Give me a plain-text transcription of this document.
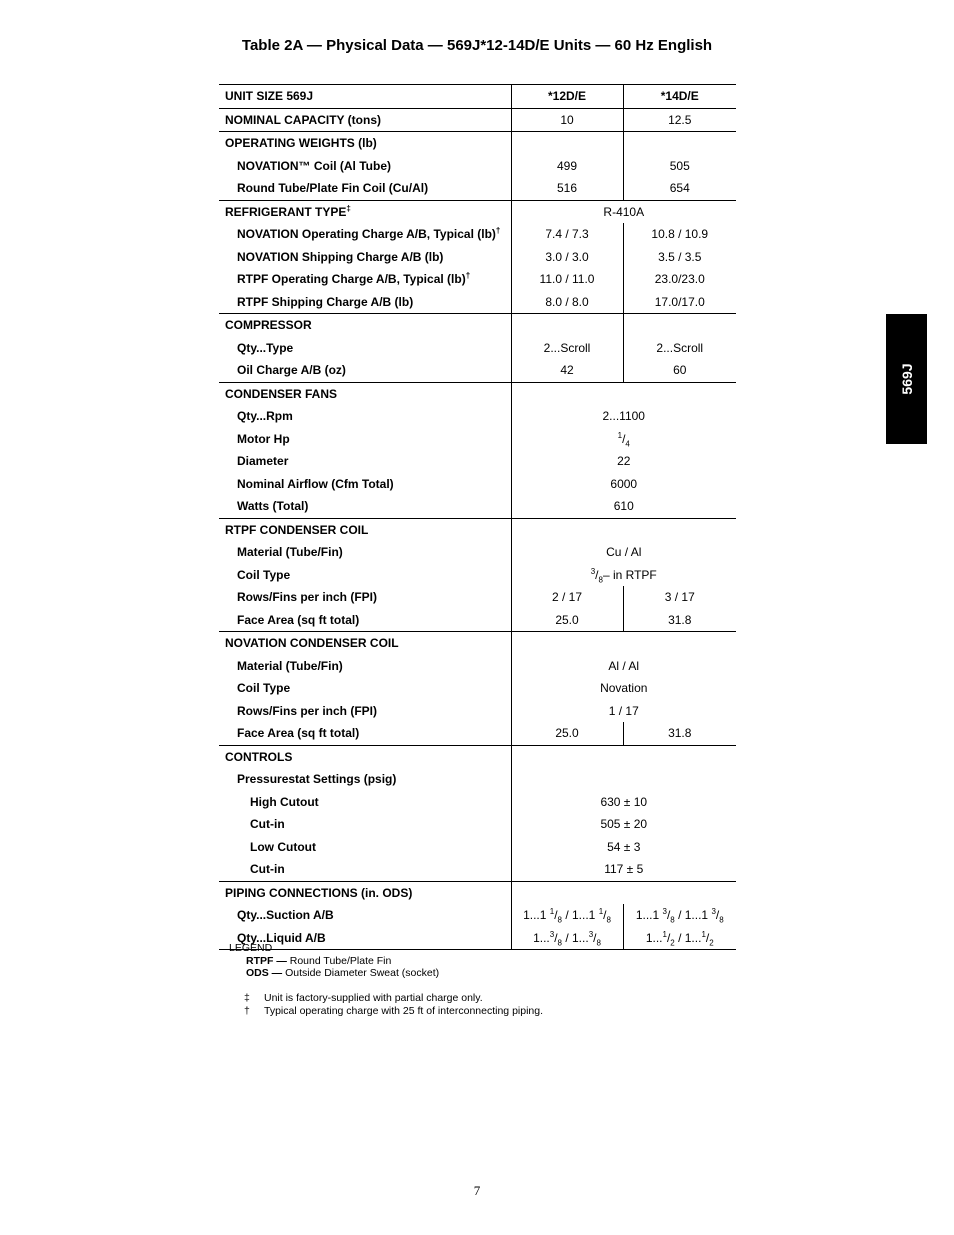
Table 2A — Physical Data — 569J*12-14D/E Units — 60 Hz English
569J
UNIT SIZE 569J	*12D/E	*14D/E
NOMINAL CAPACITY (tons)	10	12.5
OPERATING WEIGHTS (lb)		
NOVATION™ Coil (Al Tube)	499	505
Round Tube/Plate Fin Coil (Cu/Al)	516	654
REFRIGERANT TYPE‡	R-410A	
NOVATION Operating Charge A/B, Typical (lb)†	7.4 / 7.3	10.8 / 10.9
NOVATION Shipping Charge A/B (lb)	3.0 / 3.0	3.5 / 3.5
RTPF Operating Charge A/B, Typical (lb)†	11.0 / 11.0	23.0/23.0
RTPF Shipping Charge A/B (lb)	8.0 / 8.0	17.0/17.0
COMPRESSOR		
Qty...Type	2...Scroll	2...Scroll
Oil Charge A/B (oz)	42	60
CONDENSER FANS		
Qty...Rpm	2...1100	
Motor Hp	$^1/_4$
Diameter	22	
Nominal Airflow (Cfm Total)	6000	
Watts (Total)	610	
RTPF CONDENSER COIL		
Material (Tube/Fin)	Cu / Al	
Coil Type	$^3/_8-$ in RTPF	
Rows/Fins per inch (FPI)	2 / 17	3 / 17
Face Area (sq ft total)	25.0	31.8
NOVATION CONDENSER COIL		
Material (Tube/Fin)	Al / Al	
Coil Type	Novation	
Rows/Fins per inch (FPI)	1 / 17	
Face Area (sq ft total)	25.0	31.8
CONTROLS		
Pressurestat Settings (psig)		
High Cutout	630 ± 10	
Cut-in	505 ± 20	
Low Cutout	54 ± 3	
Cut-in	117 ± 5	
PIPING CONNECTIONS (in. ODS)		
Qty...Suction A/B	1...1 $^1/_8 / 1...1$ $^1/_8$	1...1 $^3/_8 / 1...1$ $^3/_8$
Qty...Liquid A/B	$1...^3/_8 / 1...^3/_8$	$1...^1/_2 / 1...^1/_2$
LEGEND
RTPF — Round Tube/Plate Fin
ODS — Outside Diameter Sweat (socket)
‡ Unit is factory-supplied with partial charge only.
† Typical operating charge with 25 ft of interconnecting piping.
7
